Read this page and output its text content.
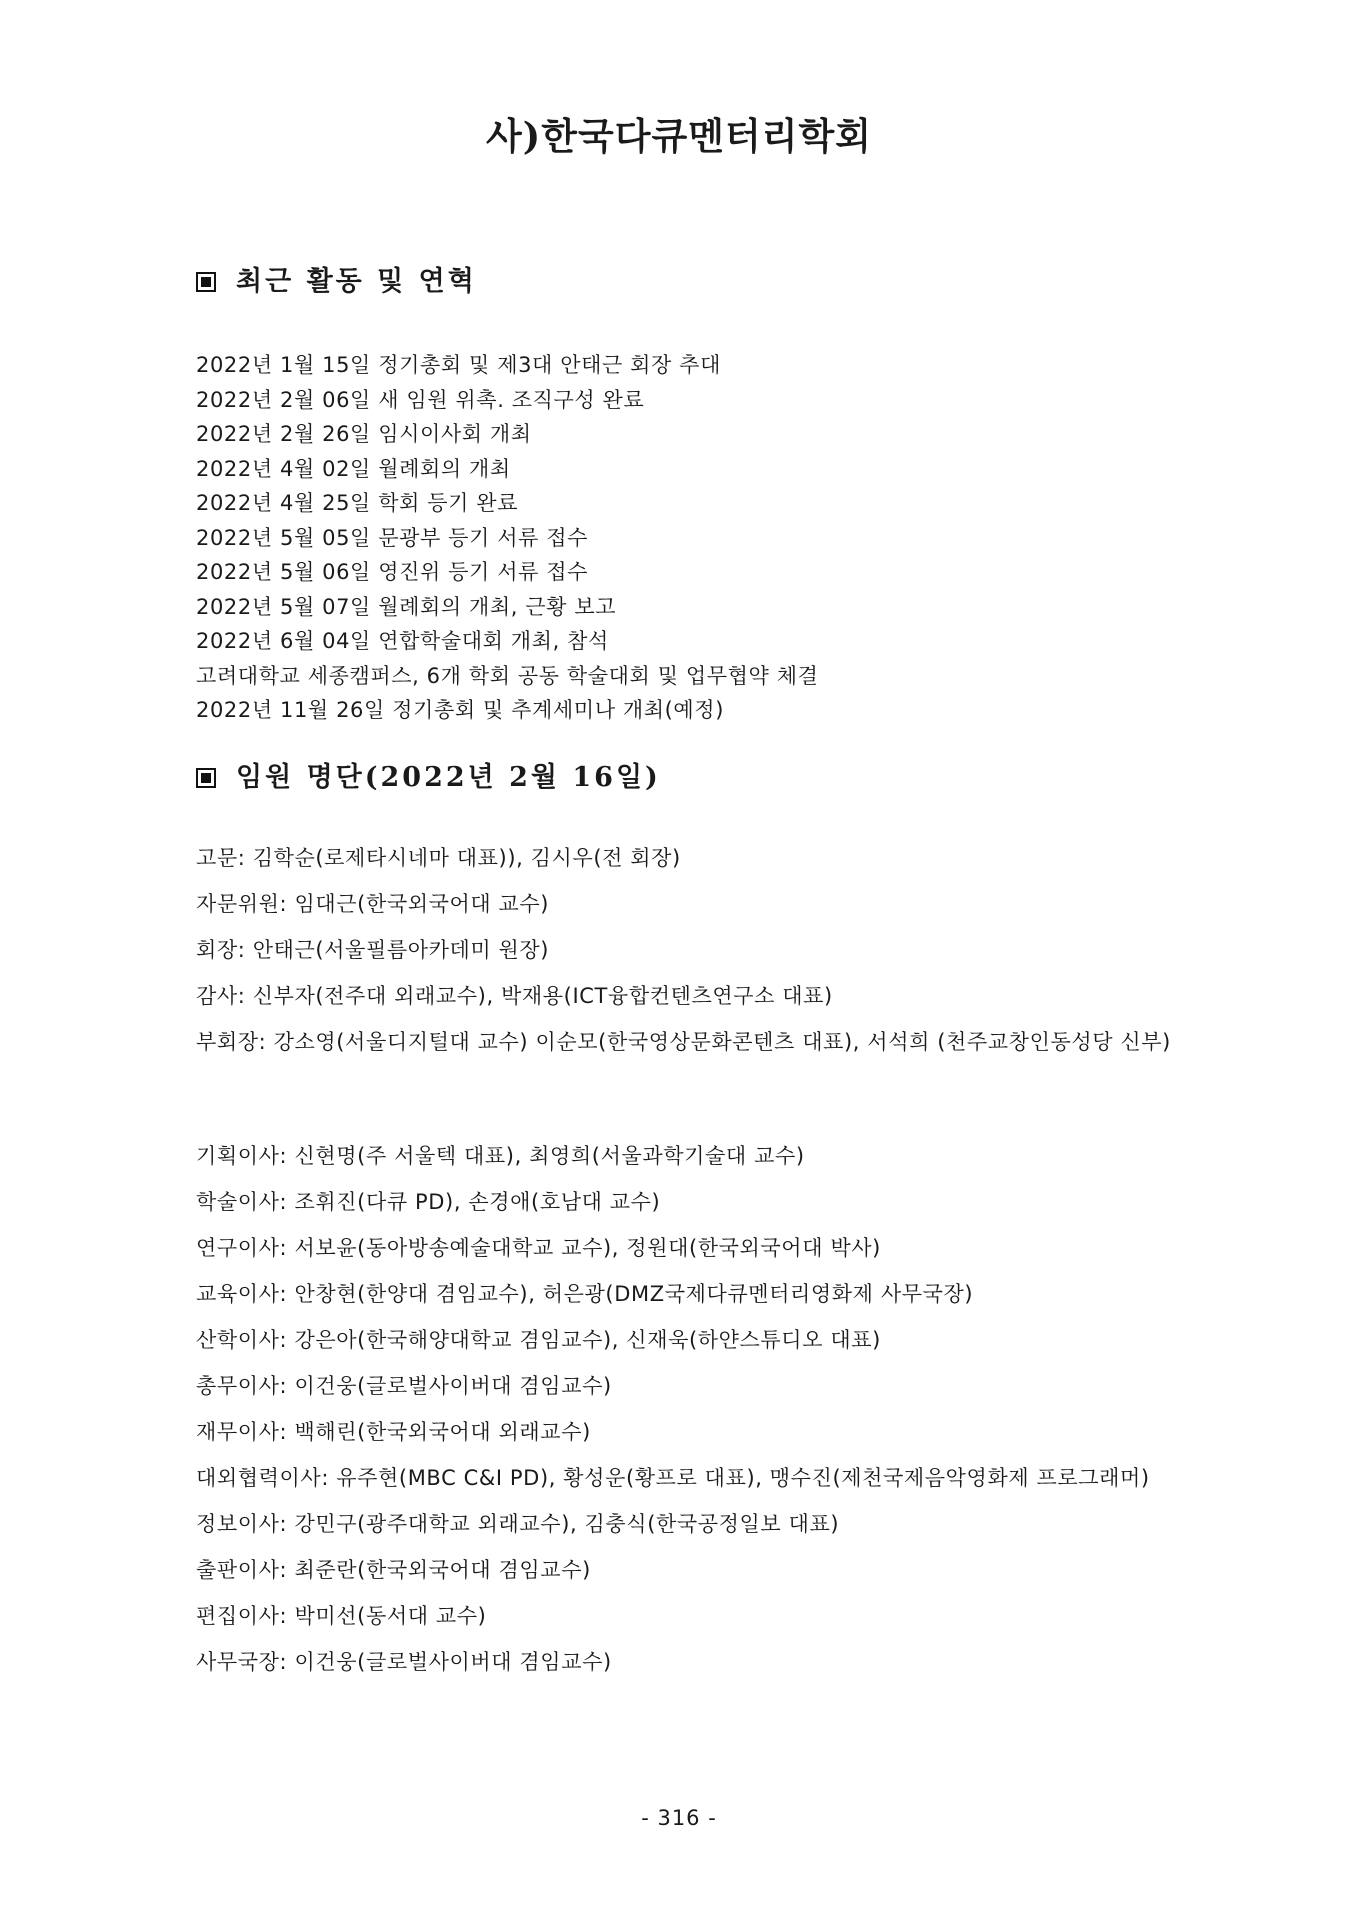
사)한국다큐멘터리학회
최근 활동 및 연혁
2022년 1월 15일 정기총회 및 제3대 안태근 회장 추대
2022년 2월 06일 새 임원 위촉. 조직구성 완료
2022년 2월 26일 임시이사회 개최
2022년 4월 02일 월례회의 개최
2022년 4월 25일 학회 등기 완료
2022년 5월 05일 문광부 등기 서류 접수
2022년 5월 06일 영진위 등기 서류 접수
2022년 5월 07일 월례회의 개최, 근황 보고
2022년 6월 04일 연합학술대회 개최, 참석
고려대학교 세종캠퍼스, 6개 학회 공동 학술대회 및 업무협약 체결
2022년 11월 26일 정기총회 및 추계세미나 개최(예정)
임원 명단(2022년 2월 16일)
고문: 김학순(로제타시네마 대표)), 김시우(전 회장)
자문위원: 임대근(한국외국어대 교수)
회장: 안태근(서울필름아카데미 원장)
감사: 신부자(전주대 외래교수), 박재용(ICT융합컨텐츠연구소 대표)
부회장: 강소영(서울디지털대 교수) 이순모(한국영상문화콘텐츠 대표), 서석희 (천주교창인동성당 신부)
기획이사: 신현명(주 서울텍 대표), 최영희(서울과학기술대 교수)
학술이사: 조휘진(다큐 PD), 손경애(호남대 교수)
연구이사: 서보윤(동아방송예술대학교 교수), 정원대(한국외국어대 박사)
교육이사: 안창현(한양대 겸임교수), 허은광(DMZ국제다큐멘터리영화제 사무국장)
산학이사: 강은아(한국해양대학교 겸임교수), 신재욱(하얀스튜디오 대표)
총무이사: 이건웅(글로벌사이버대 겸임교수)
재무이사: 백해린(한국외국어대 외래교수)
대외협력이사: 유주현(MBC C&I PD), 황성운(황프로 대표), 맹수진(제천국제음악영화제 프로그래머)
정보이사: 강민구(광주대학교 외래교수), 김충식(한국공정일보 대표)
출판이사: 최준란(한국외국어대 겸임교수)
편집이사: 박미선(동서대 교수)
사무국장: 이건웅(글로벌사이버대 겸임교수)
- 316 -
